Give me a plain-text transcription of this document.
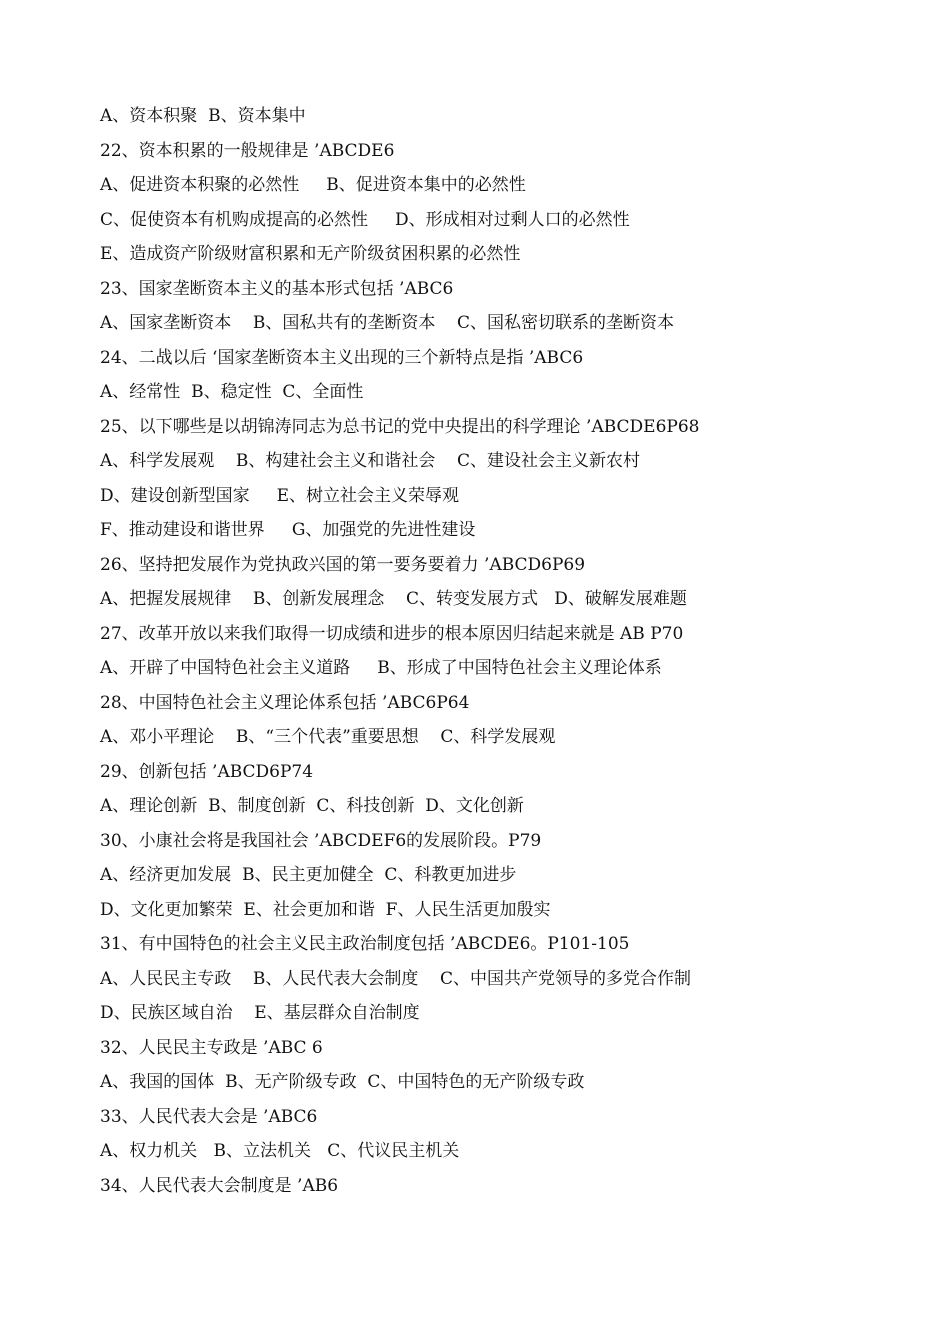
A、资本积聚  B、资本集中
22、资本积累的一般规律是 ’ABCDE6
A、促进资本积聚的必然性     B、促进资本集中的必然性
C、促使资本有机购成提高的必然性     D、形成相对过剩人口的必然性
E、造成资产阶级财富积累和无产阶级贫困积累的必然性
23、国家垄断资本主义的基本形式包括 ’ABC6
A、国家垄断资本    B、国私共有的垄断资本    C、国私密切联系的垄断资本
24、二战以后 ‘国家垄断资本主义出现的三个新特点是指 ’ABC6
A、经常性  B、稳定性  C、全面性
25、以下哪些是以胡锦涛同志为总书记的党中央提出的科学理论 ’ABCDE6P68
A、科学发展观    B、构建社会主义和谐社会    C、建设社会主义新农村
D、建设创新型国家     E、树立社会主义荣辱观
F、推动建设和谐世界     G、加强党的先进性建设
26、坚持把发展作为党执政兴国的第一要务要着力 ’ABCD6P69
A、把握发展规律    B、创新发展理念    C、转变发展方式   D、破解发展难题
27、改革开放以来我们取得一切成绩和进步的根本原因归结起来就是 AB P70
A、开辟了中国特色社会主义道路     B、形成了中国特色社会主义理论体系
28、中国特色社会主义理论体系包括 ’ABC6P64
A、邓小平理论    B、“三个代表”重要思想    C、科学发展观
29、创新包括 ’ABCD6P74
A、理论创新  B、制度创新  C、科技创新  D、文化创新
30、小康社会将是我国社会 ’ABCDEF6的发展阶段。P79
A、经济更加发展  B、民主更加健全  C、科教更加进步
D、文化更加繁荣  E、社会更加和谐  F、人民生活更加殷实
31、有中国特色的社会主义民主政治制度包括 ’ABCDE6。P101-105
A、人民民主专政    B、人民代表大会制度    C、中国共产党领导的多党合作制
D、民族区域自治    E、基层群众自治制度
32、人民民主专政是 ’ABC 6
A、我国的国体  B、无产阶级专政  C、中国特色的无产阶级专政
33、人民代表大会是 ’ABC6
A、权力机关   B、立法机关   C、代议民主机关
34、人民代表大会制度是 ’AB6
